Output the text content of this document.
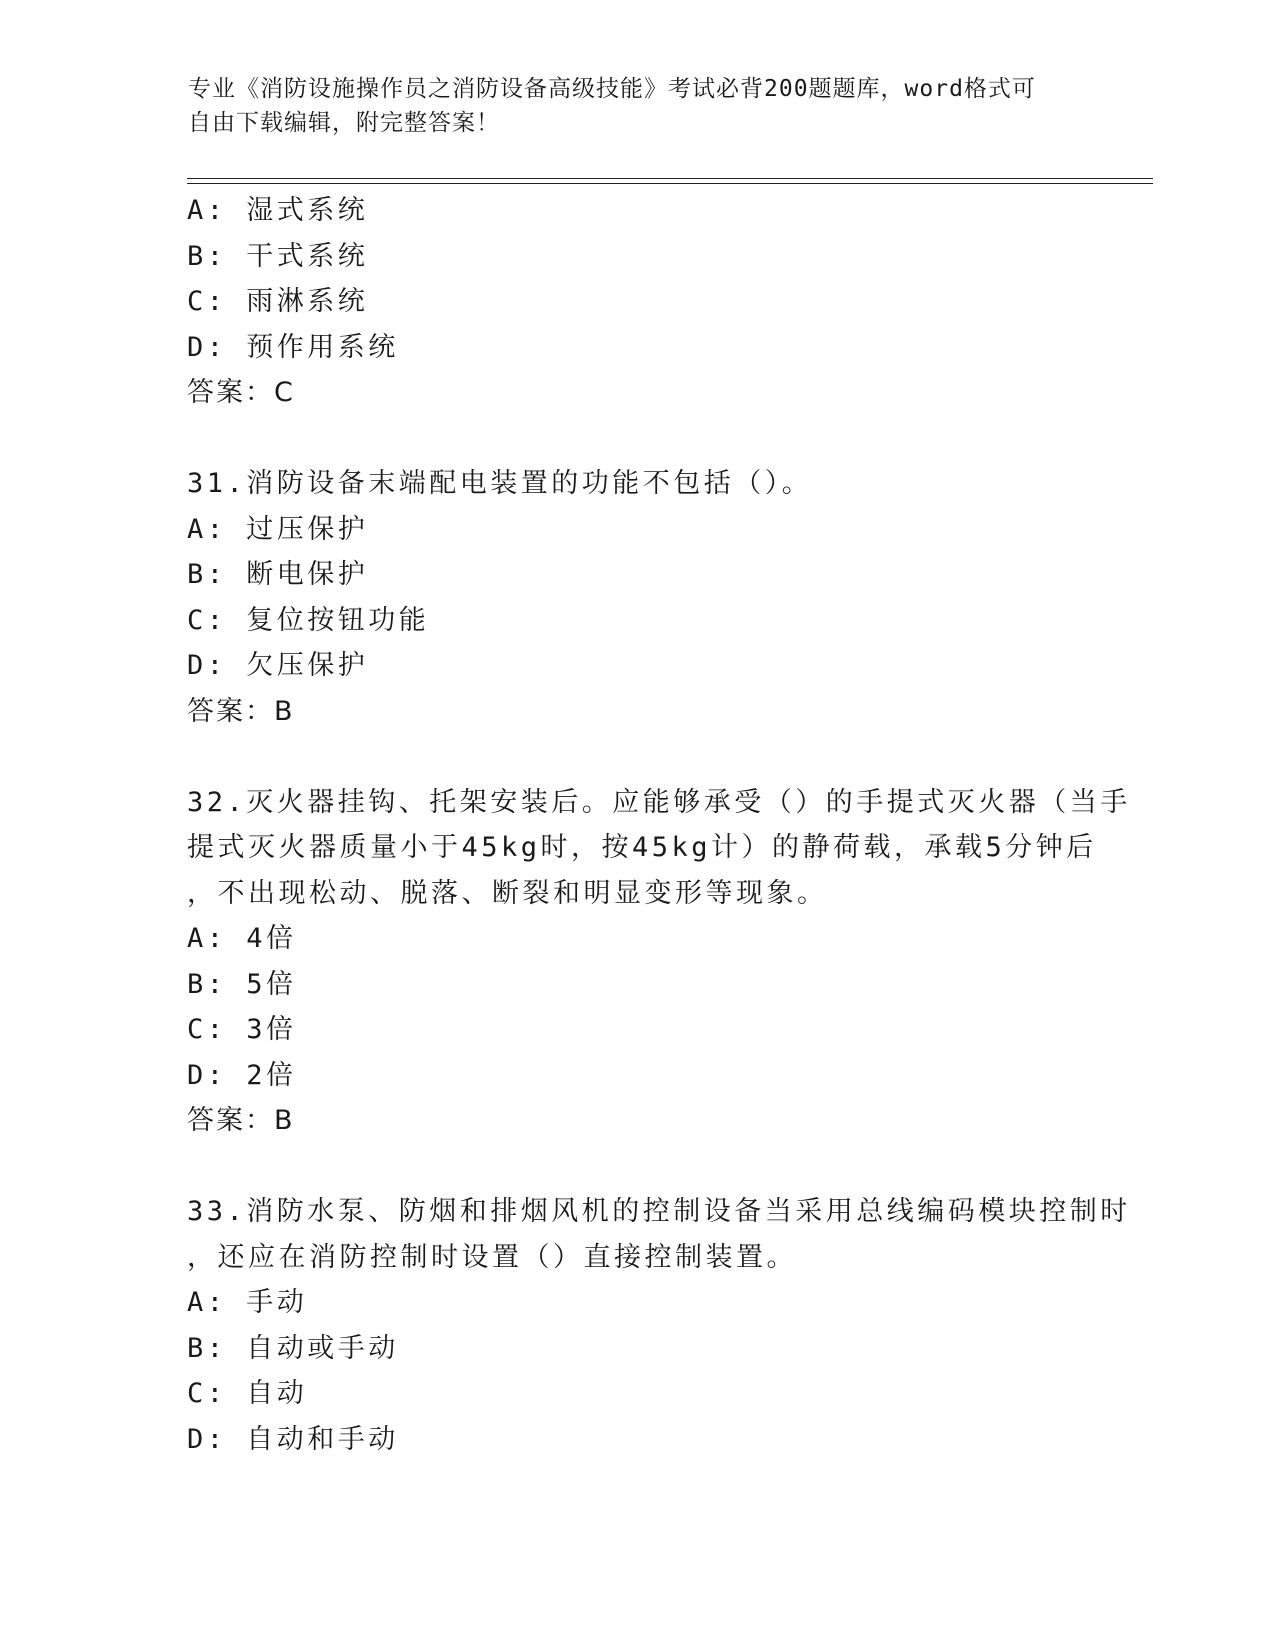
专业《消防设施操作员之消防设备高级技能》考试必背200题题库，word格式可
自由下载编辑，附完整答案！
A: 湿式系统
B: 干式系统
C: 雨淋系统
D: 预作用系统
答案：C
31.消防设备末端配电装置的功能不包括（）。
A: 过压保护
B: 断电保护
C: 复位按钮功能
D: 欠压保护
答案：B
32.灭火器挂钩、托架安装后。应能够承受（）的手提式灭火器（当手
提式灭火器质量小于45kg时，按45kg计）的静荷载，承载5分钟后
，不出现松动、脱落、断裂和明显变形等现象。
A: 4倍
B: 5倍
C: 3倍
D: 2倍
答案：B
33.消防水泵、防烟和排烟风机的控制设备当采用总线编码模块控制时
，还应在消防控制时设置（）直接控制装置。
A: 手动
B: 自动或手动
C: 自动
D: 自动和手动
